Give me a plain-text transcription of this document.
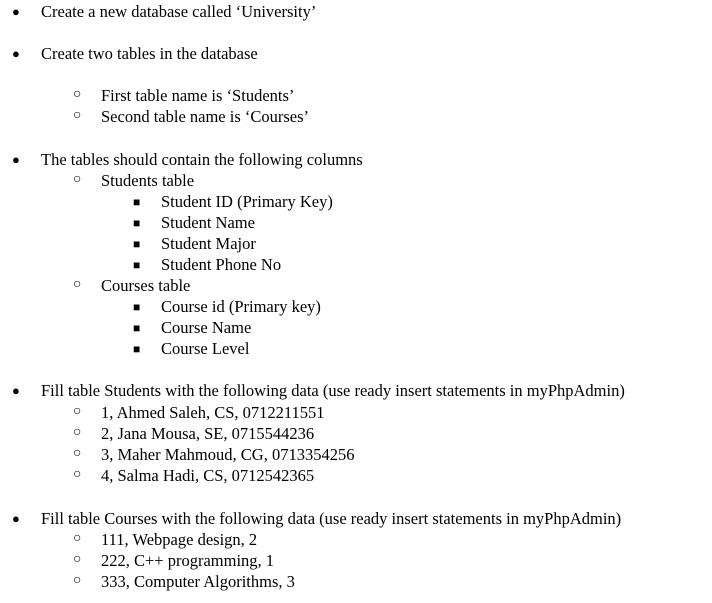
● Create a new database called ‘University’
● Create two tables in the database
○ First table name is ‘Students’
○ Second table name is ‘Courses’
● The tables should contain the following columns
○ Students table
■ Student ID (Primary Key)
■ Student Name
■ Student Major
■ Student Phone No
○ Courses table
■ Course id (Primary key)
■ Course Name
■ Course Level
● Fill table Students with the following data (use ready insert statements in myPhpAdmin)
○ 1, Ahmed Saleh, CS, 0712211551
○ 2, Jana Mousa, SE, 0715544236
○ 3, Maher Mahmoud, CG, 0713354256
○ 4, Salma Hadi, CS, 0712542365
● Fill table Courses with the following data (use ready insert statements in myPhpAdmin)
○ 111, Webpage design, 2
○ 222, C++ programming, 1
○ 333, Computer Algorithms, 3
